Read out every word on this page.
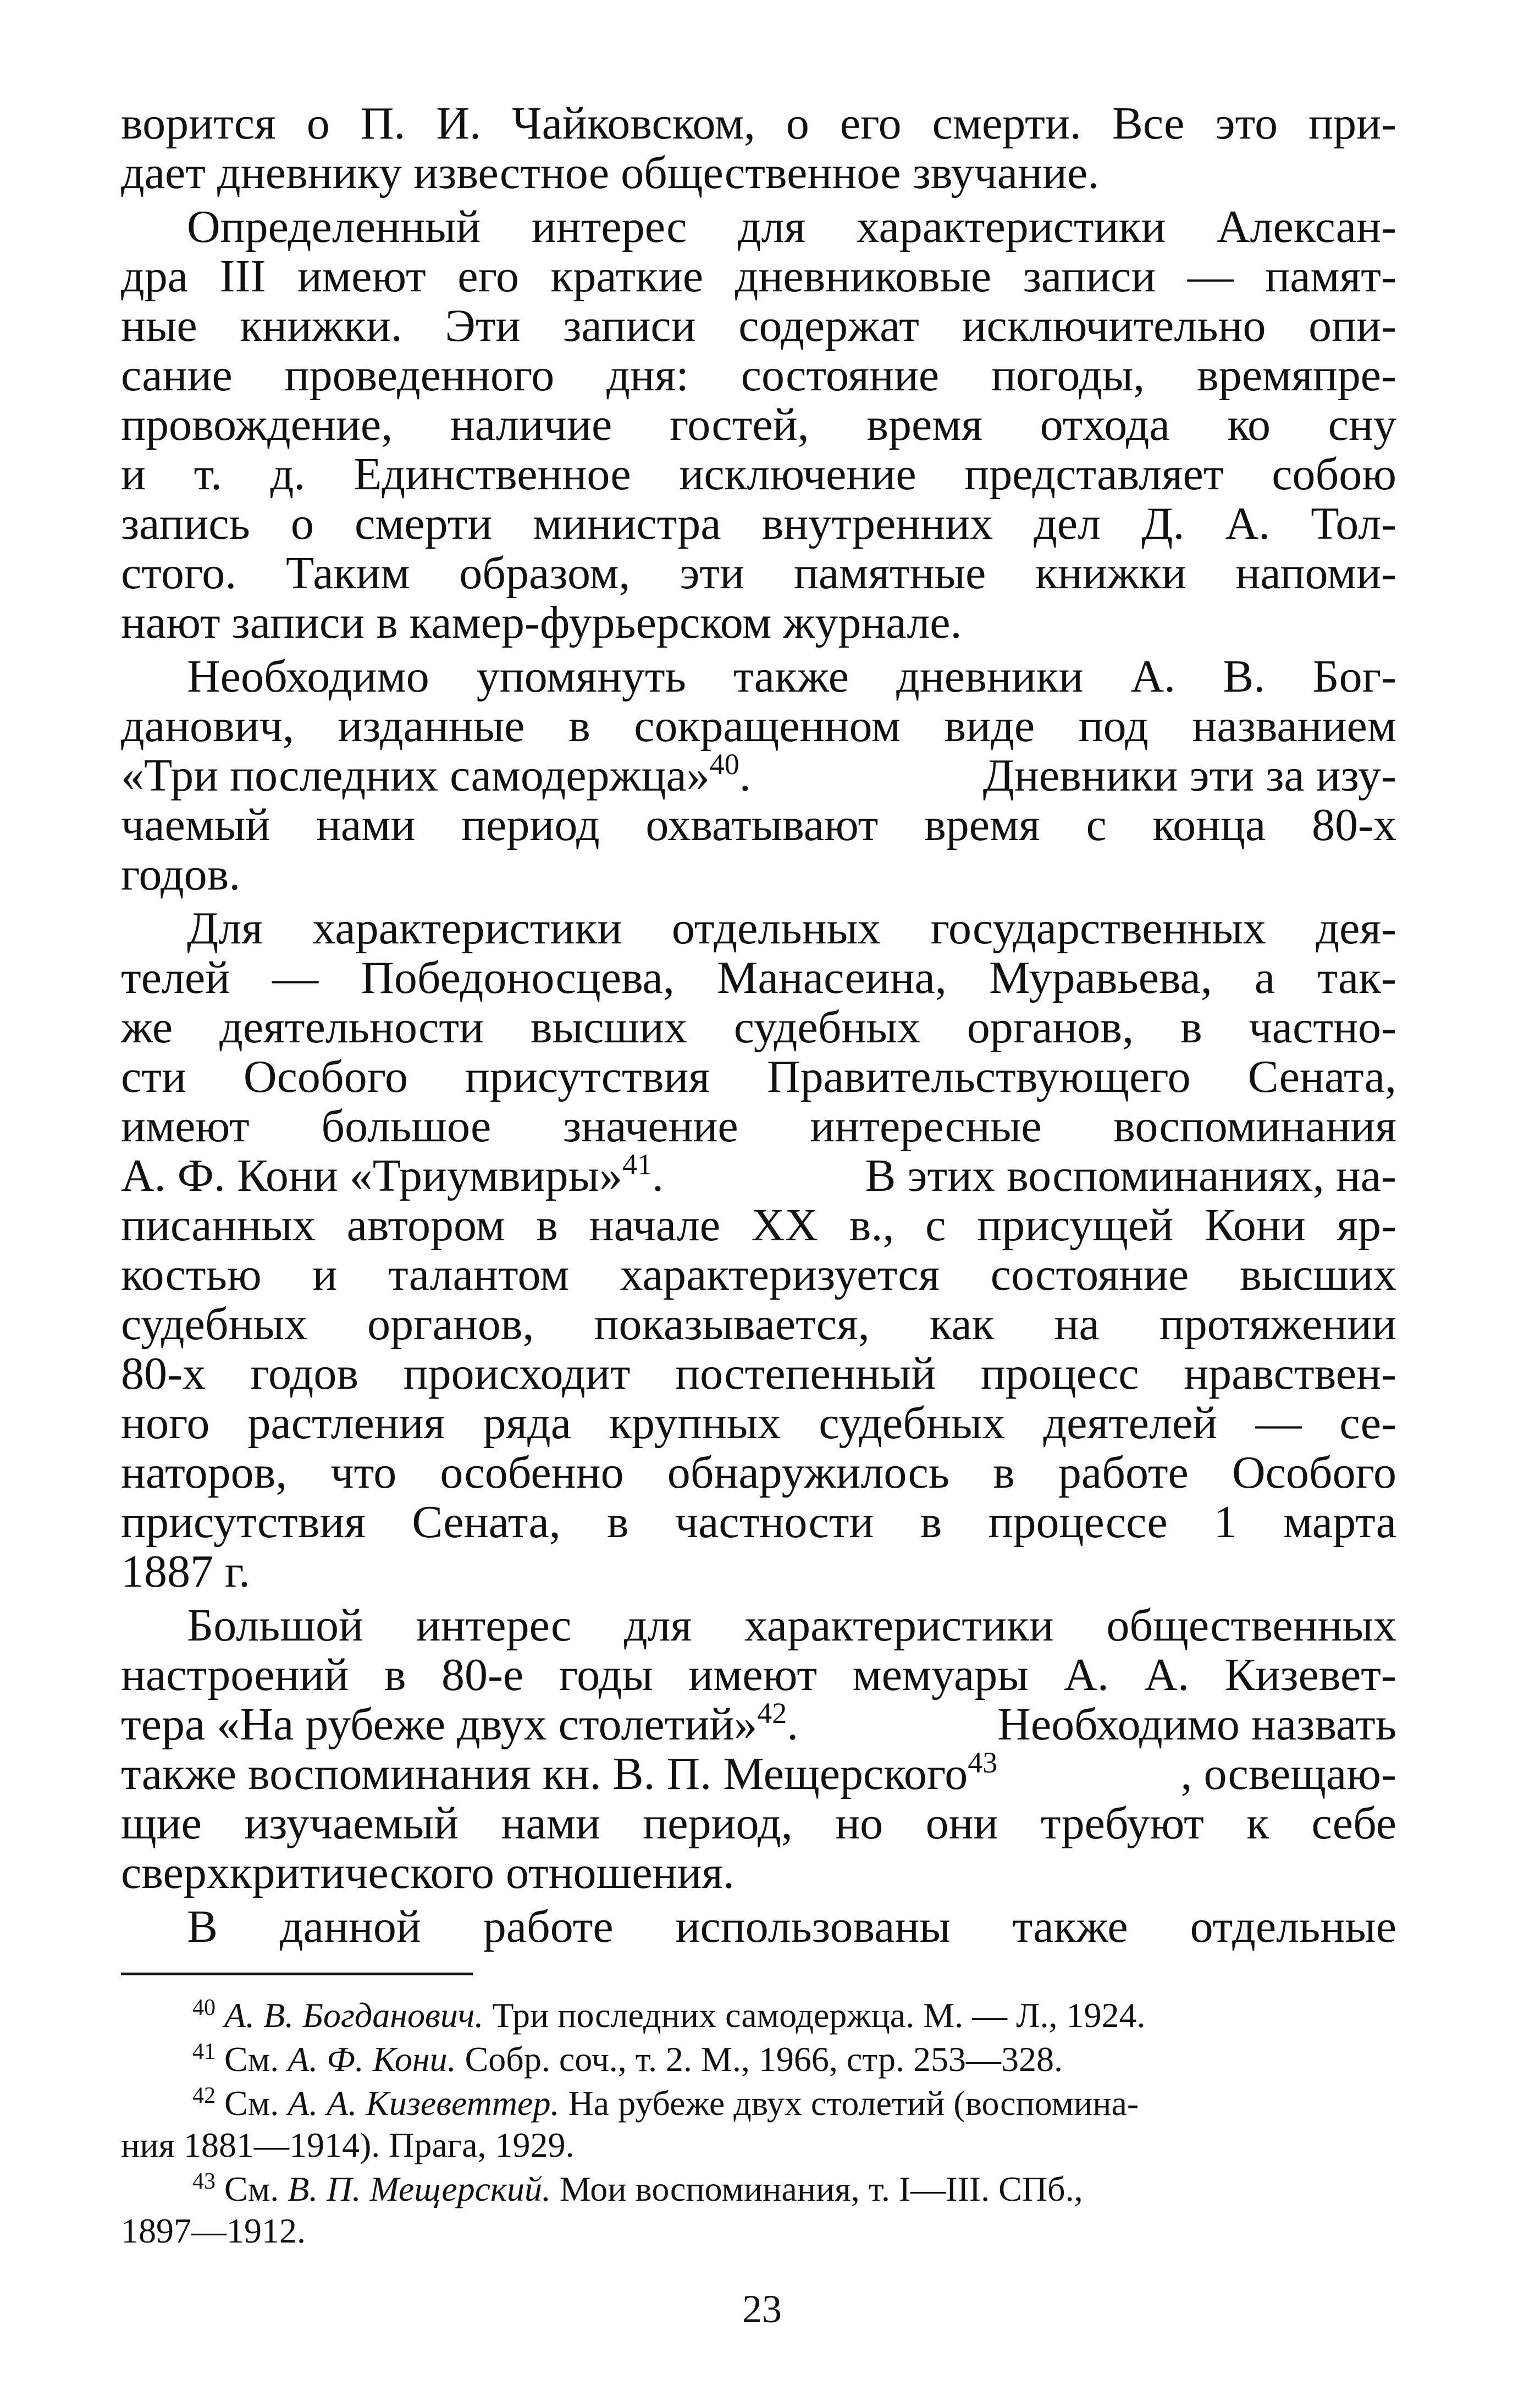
ворится о П. И. Чайковском, о его смерти. Все это при-
дает дневнику известное общественное звучание.
Определенный интерес для характеристики Алексан-
дра III имеют его краткие дневниковые записи — памят-
ные книжки. Эти записи содержат исключительно опи-
сание проведенного дня: состояние погоды, времяпре-
провождение, наличие гостей, время отхода ко сну
и т. д. Единственное исключение представляет собою
запись о смерти министра внутренних дел Д. А. Тол-
стого. Таким образом, эти памятные книжки напоми-
нают записи в камер-фурьерском журнале.
Необходимо упомянуть также дневники А. В. Бог-
данович, изданные в сокращенном виде под названием
«Три последних самодержца»$^{40}$.	Дневники эти за изу-
чаемый нами период охватывают время с конца 80-х
годов.
Для характеристики отдельных государственных дея-
телей — Победоносцева, Манасеина, Муравьева, а так-
же деятельности высших судебных органов, в частно-
сти Особого присутствия Правительствующего Сената,
имеют большое значение интересные воспоминания
А. Ф. Кони «Триумвиры»$^{41}$.	В этих воспоминаниях, на-
писанных автором в начале XX в., с присущей Кони яр-
костью и талантом характеризуется состояние высших
судебных органов, показывается, как на протяжении
80-х годов происходит постепенный процесс нравствен-
ного растления ряда крупных судебных деятелей — се-
наторов, что особенно обнаружилось в работе Особого
присутствия Сената, в частности в процессе 1 марта
1887 г.
Большой интерес для характеристики общественных
настроений в 80-е годы имеют мемуары А. А. Кизевет-
тера «На рубеже двух столетий»$^{42}$.	Необходимо назвать
также воспоминания кн. В. П. Мещерского$^{43}$	, освещаю-
щие изучаемый нами период, но они требуют к себе
сверхкритического отношения.
В данной работе использованы также отдельные
$^{40}$ А. В. Богданович. Три последних самодержца. М. — Л., 1924.
$^{41}$ См. А. Ф. Кони. Собр. соч., т. 2. М., 1966, стр. 253—328.
$^{42}$ См. А. А. Кизеветтер. На рубеже двух столетий (воспомина-
ния 1881—1914). Прага, 1929.
$^{43}$ См. В. П. Мещерский. Мои воспоминания, т. I—III. СПб.,
1897—1912.
23
